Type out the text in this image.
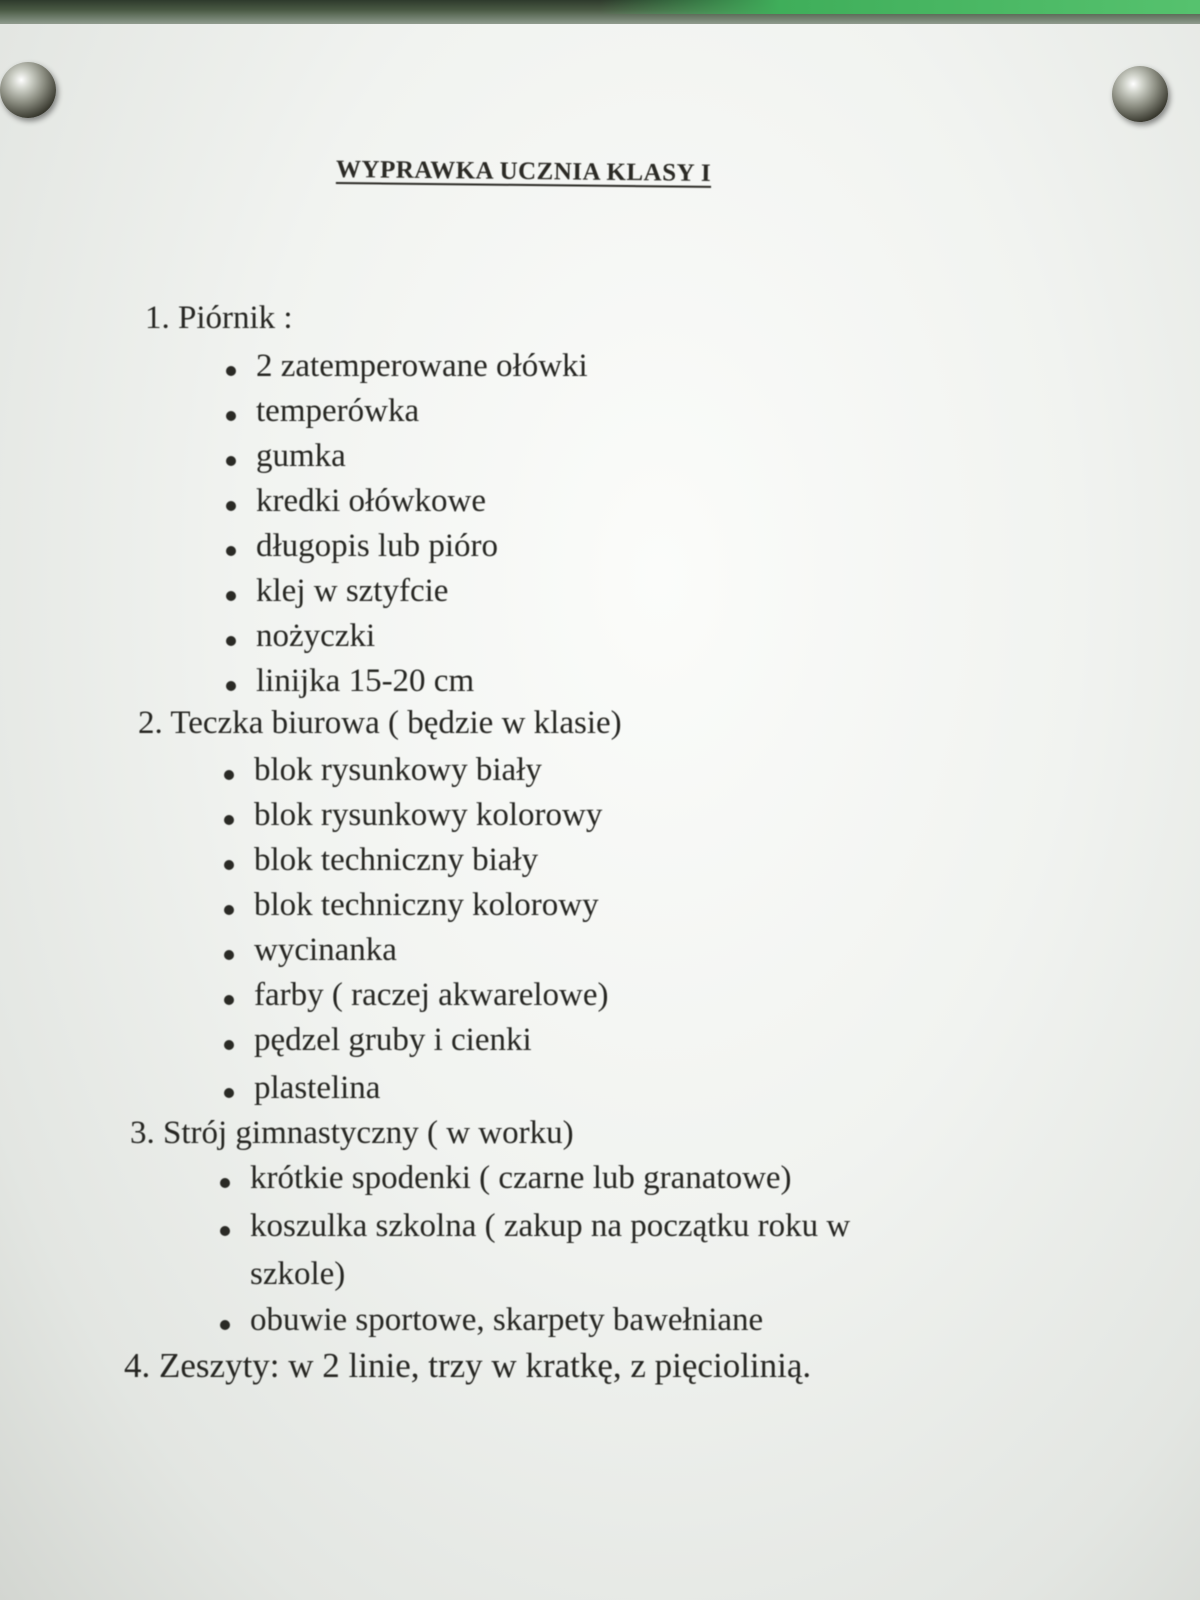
WYPRAWKA UCZNIA KLASY I
1. Piórnik :
2 zatemperowane ołówki
temperówka
gumka
kredki ołówkowe
długopis lub pióro
klej w sztyfcie
nożyczki
linijka 15-20 cm
2. Teczka biurowa ( będzie w klasie)
blok rysunkowy biały
blok rysunkowy kolorowy
blok techniczny biały
blok techniczny kolorowy
wycinanka
farby ( raczej akwarelowe)
pędzel gruby i cienki
plastelina
3. Strój gimnastyczny ( w worku)
krótkie spodenki ( czarne lub granatowe)
koszulka szkolna ( zakup na początku roku w
szkole)
obuwie sportowe, skarpety bawełniane
4. Zeszyty: w 2 linie, trzy w kratkę, z pięciolinią.
